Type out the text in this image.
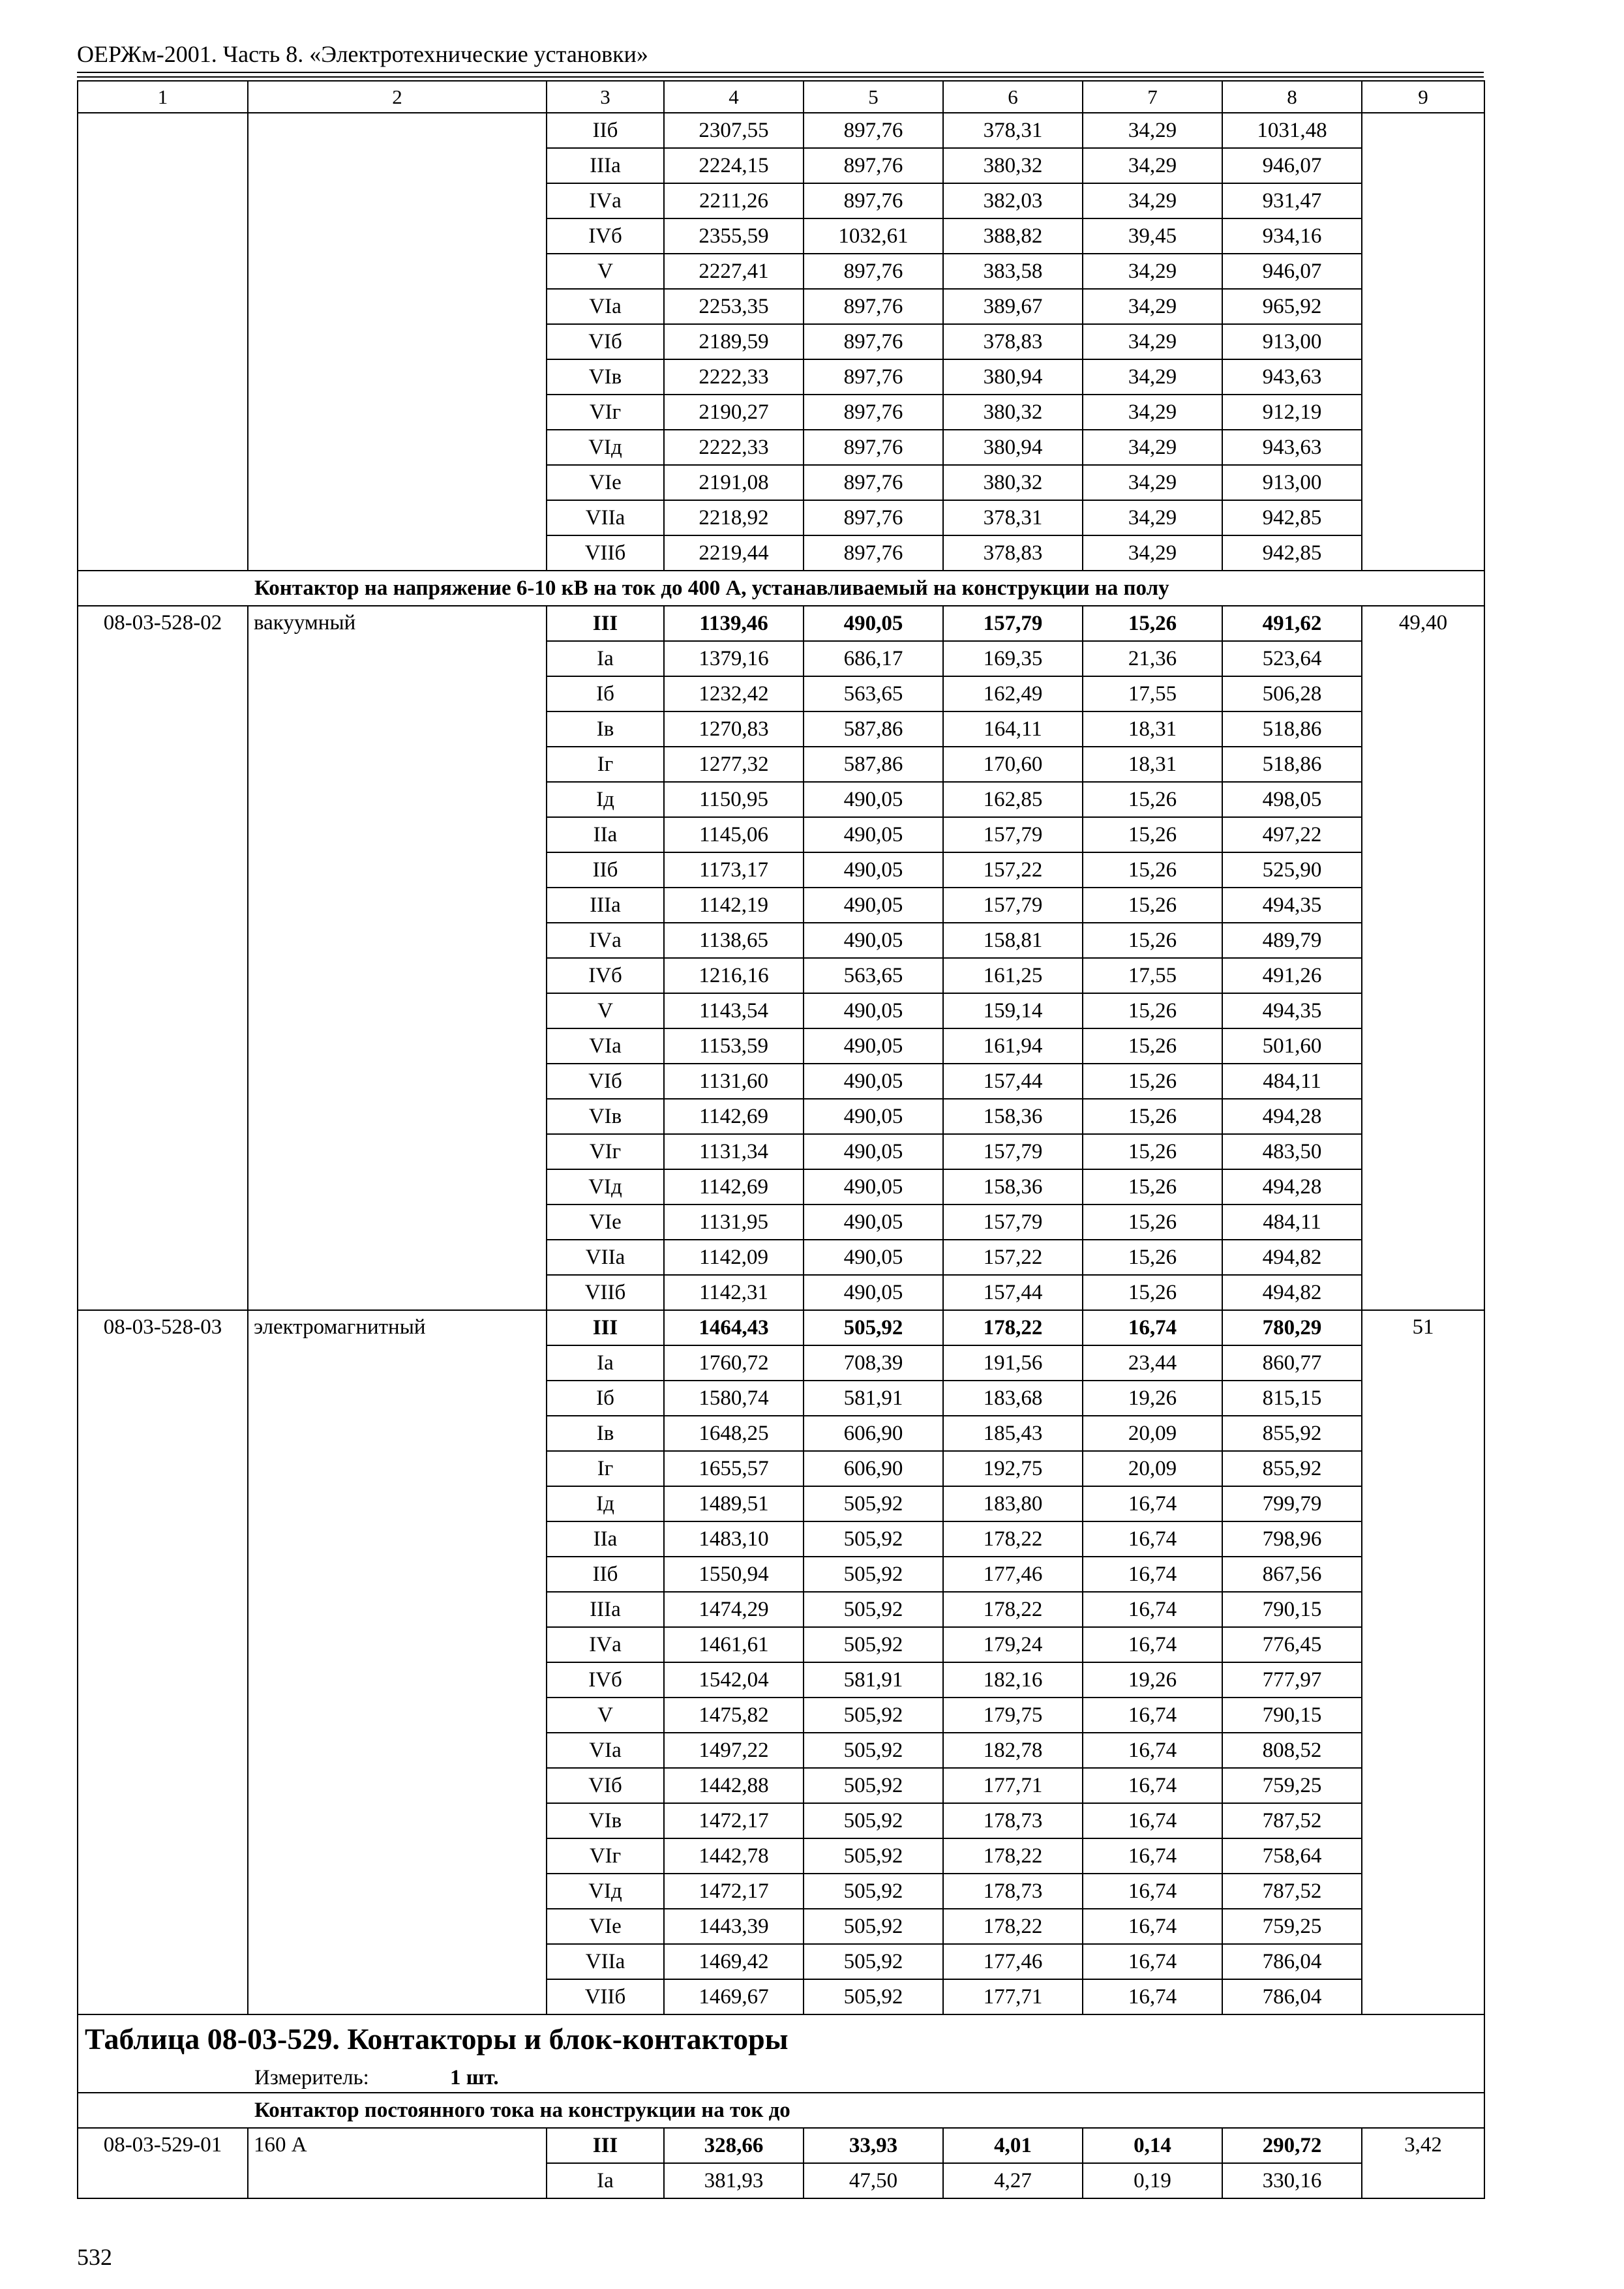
ОЕРЖм-2001. Часть 8. «Электротехнические установки»
1	2	3	4	5	6	7	8	9
		IIб	2307,55	897,76	378,31	34,29	1031,48	
		IIIа	2224,15	897,76	380,32	34,29	946,07	
		IVа	2211,26	897,76	382,03	34,29	931,47	
		IVб	2355,59	1032,61	388,82	39,45	934,16	
		V	2227,41	897,76	383,58	34,29	946,07	
		VIа	2253,35	897,76	389,67	34,29	965,92	
		VIб	2189,59	897,76	378,83	34,29	913,00	
		VIв	2222,33	897,76	380,94	34,29	943,63	
		VIг	2190,27	897,76	380,32	34,29	912,19	
		VIд	2222,33	897,76	380,94	34,29	943,63	
		VIе	2191,08	897,76	380,32	34,29	913,00	
		VIIа	2218,92	897,76	378,31	34,29	942,85	
		VIIб	2219,44	897,76	378,83	34,29	942,85	
Контактор на напряжение 6-10 кВ на ток до 400 А, устанавливаемый на конструкции на полу								
08-03-528-02	вакуумный	III	1139,46	490,05	157,79	15,26	491,62	49,40
		Iа	1379,16	686,17	169,35	21,36	523,64	
		Iб	1232,42	563,65	162,49	17,55	506,28	
		Iв	1270,83	587,86	164,11	18,31	518,86	
		Iг	1277,32	587,86	170,60	18,31	518,86	
		Iд	1150,95	490,05	162,85	15,26	498,05	
		IIа	1145,06	490,05	157,79	15,26	497,22	
		IIб	1173,17	490,05	157,22	15,26	525,90	
		IIIа	1142,19	490,05	157,79	15,26	494,35	
		IVа	1138,65	490,05	158,81	15,26	489,79	
		IVб	1216,16	563,65	161,25	17,55	491,26	
		V	1143,54	490,05	159,14	15,26	494,35	
		VIа	1153,59	490,05	161,94	15,26	501,60	
		VIб	1131,60	490,05	157,44	15,26	484,11	
		VIв	1142,69	490,05	158,36	15,26	494,28	
		VIг	1131,34	490,05	157,79	15,26	483,50	
		VIд	1142,69	490,05	158,36	15,26	494,28	
		VIе	1131,95	490,05	157,79	15,26	484,11	
		VIIа	1142,09	490,05	157,22	15,26	494,82	
		VIIб	1142,31	490,05	157,44	15,26	494,82	
08-03-528-03	электромагнитный	III	1464,43	505,92	178,22	16,74	780,29	51
		Iа	1760,72	708,39	191,56	23,44	860,77	
		Iб	1580,74	581,91	183,68	19,26	815,15	
		Iв	1648,25	606,90	185,43	20,09	855,92	
		Iг	1655,57	606,90	192,75	20,09	855,92	
		Iд	1489,51	505,92	183,80	16,74	799,79	
		IIа	1483,10	505,92	178,22	16,74	798,96	
		IIб	1550,94	505,92	177,46	16,74	867,56	
		IIIа	1474,29	505,92	178,22	16,74	790,15	
		IVа	1461,61	505,92	179,24	16,74	776,45	
		IVб	1542,04	581,91	182,16	19,26	777,97	
		V	1475,82	505,92	179,75	16,74	790,15	
		VIа	1497,22	505,92	182,78	16,74	808,52	
		VIб	1442,88	505,92	177,71	16,74	759,25	
		VIв	1472,17	505,92	178,73	16,74	787,52	
		VIг	1442,78	505,92	178,22	16,74	758,64	
		VIд	1472,17	505,92	178,73	16,74	787,52	
		VIе	1443,39	505,92	178,22	16,74	759,25	
		VIIа	1469,42	505,92	177,46	16,74	786,04	
		VIIб	1469,67	505,92	177,71	16,74	786,04	
Таблица 08-03-529. Контакторы и блок-контакторы								
Измеритель: 1 шт.								
Контактор постоянного тока на конструкции на ток до								
08-03-529-01	160 А	III	328,66	33,93	4,01	0,14	290,72	3,42
		Iа	381,93	47,50	4,27	0,19	330,16	
532
